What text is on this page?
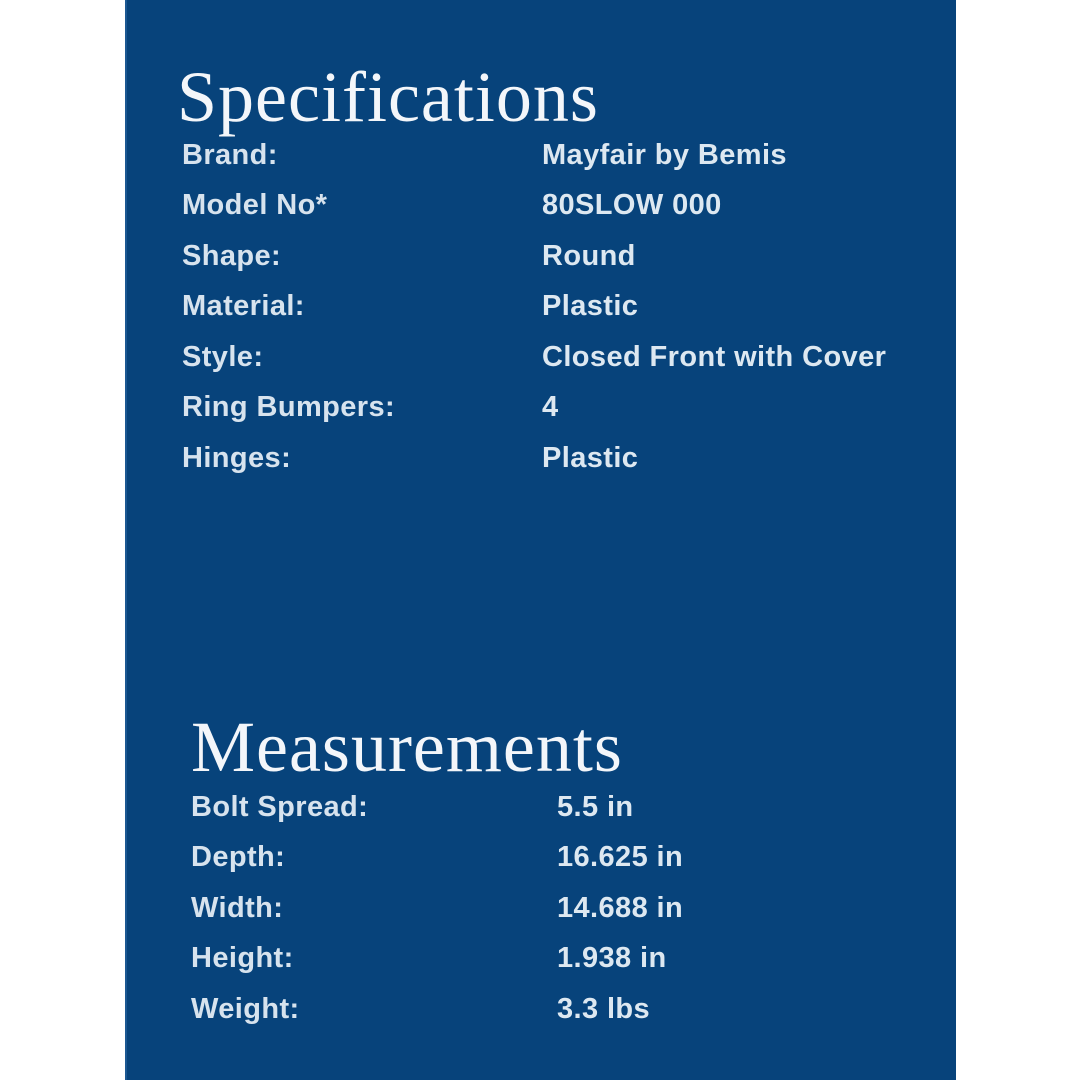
Specifications
Brand:	Mayfair by Bemis
Model No*	80SLOW 000
Shape:	Round
Material:	Plastic
Style:	Closed Front with Cover
Ring Bumpers:	4
Hinges:	Plastic
Measurements
Bolt Spread:	5.5 in
Depth:	16.625 in
Width:	14.688 in
Height:	1.938 in
Weight:	3.3 lbs
